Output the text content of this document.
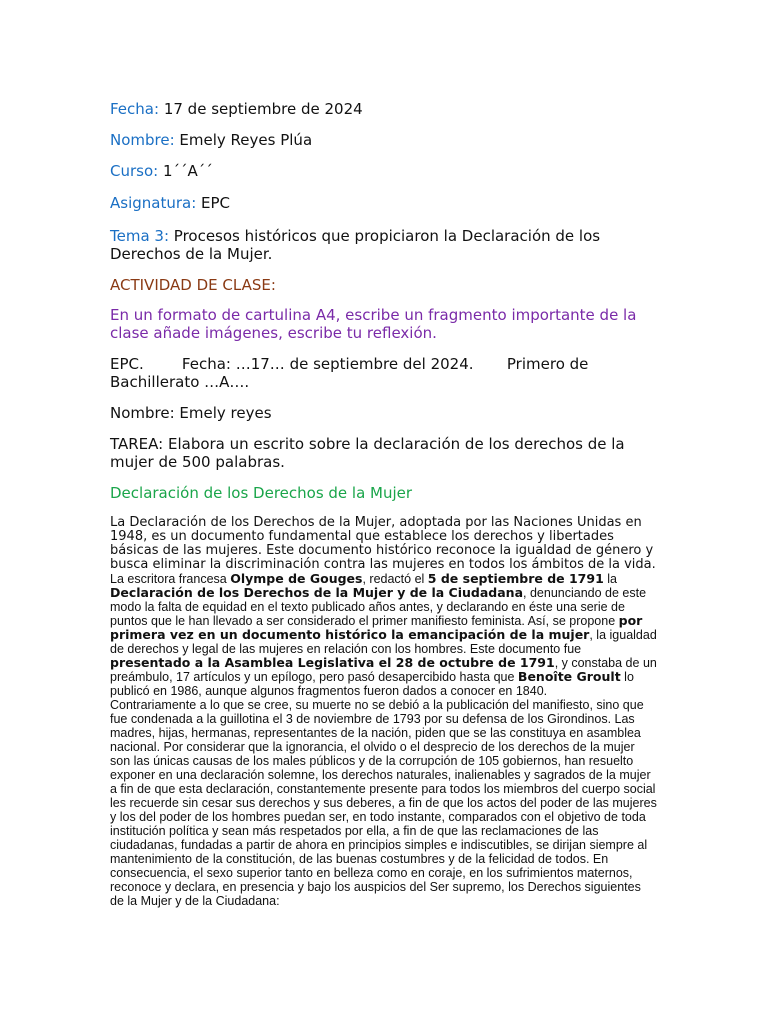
Fecha: 17 de septiembre de 2024
Nombre: Emely Reyes Plúa
Curso: 1´´A´´
Asignatura: EPC
Tema 3: Procesos históricos que propiciaron la Declaración de los
Derechos de la Mujer.
ACTIVIDAD DE CLASE:
En un formato de cartulina A4, escribe un fragmento importante de la
clase añade imágenes, escribe tu reflexión.
EPC.        Fecha: …17… de septiembre del 2024.       Primero de
Bachillerato …A….
Nombre: Emely reyes
TAREA: Elabora un escrito sobre la declaración de los derechos de la
mujer de 500 palabras.
Declaración de los Derechos de la Mujer

La Declaración de los Derechos de la Mujer, adoptada por las Naciones Unidas en

1948, es un documento fundamental que establece los derechos y libertades

básicas de las mujeres. Este documento histórico reconoce la igualdad de género y

busca eliminar la discriminación contra las mujeres en todos los ámbitos de la vida.

La escritora francesa Olympe de Gouges, redactó el 5 de septiembre de 1791 la Declaración de los Derechos de la Mujer y de la Ciudadana, denunciando de este modo la falta de equidad en el texto publicado años antes, y declarando en éste una serie de puntos que le han llevado a ser considerado el primer manifiesto feminista. Así, se propone por primera vez en un documento histórico la emancipación de la mujer, la igualdad de derechos y legal de las mujeres en relación con los hombres. Este documento fue presentado a la Asamblea Legislativa el 28 de octubre de 1791, y constaba de un preámbulo, 17 artículos y un epílogo, pero pasó desapercibido hasta que Benoîte Groult lo publicó en 1986, aunque algunos fragmentos fueron dados a conocer en 1840.

Contrariamente a lo que se cree, su muerte no se debió a la publicación del manifiesto, sino que fue condenada a la guillotina el 3 de noviembre de 1793 por su defensa de los Girondinos. Las madres, hijas, hermanas, representantes de la nación, piden que se las constituya en asamblea nacional. Por considerar que la ignorancia, el olvido o el desprecio de los derechos de la mujer son las únicas causas de los males públicos y de la corrupción de 105 gobiernos, han resuelto exponer en una declaración solemne, los derechos naturales, inalienables y sagrados de la mujer a fin de que esta declaración, constantemente presente para todos los miembros del cuerpo social les recuerde sin cesar sus derechos y sus deberes, a fin de que los actos del poder de las mujeres y los del poder de los hombres puedan ser, en todo instante, comparados con el objetivo de toda institución política y sean más respetados por ella, a fin de que las reclamaciones de las ciudadanas, fundadas a partir de ahora en principios simples e indiscutibles, se dirijan siempre al mantenimiento de la constitución, de las buenas costumbres y de la felicidad de todos. En consecuencia, el sexo superior tanto en belleza como en coraje, en los sufrimientos maternos, reconoce y declara, en presencia y bajo los auspicios del Ser supremo, los Derechos siguientes de la Mujer y de la Ciudadana:
